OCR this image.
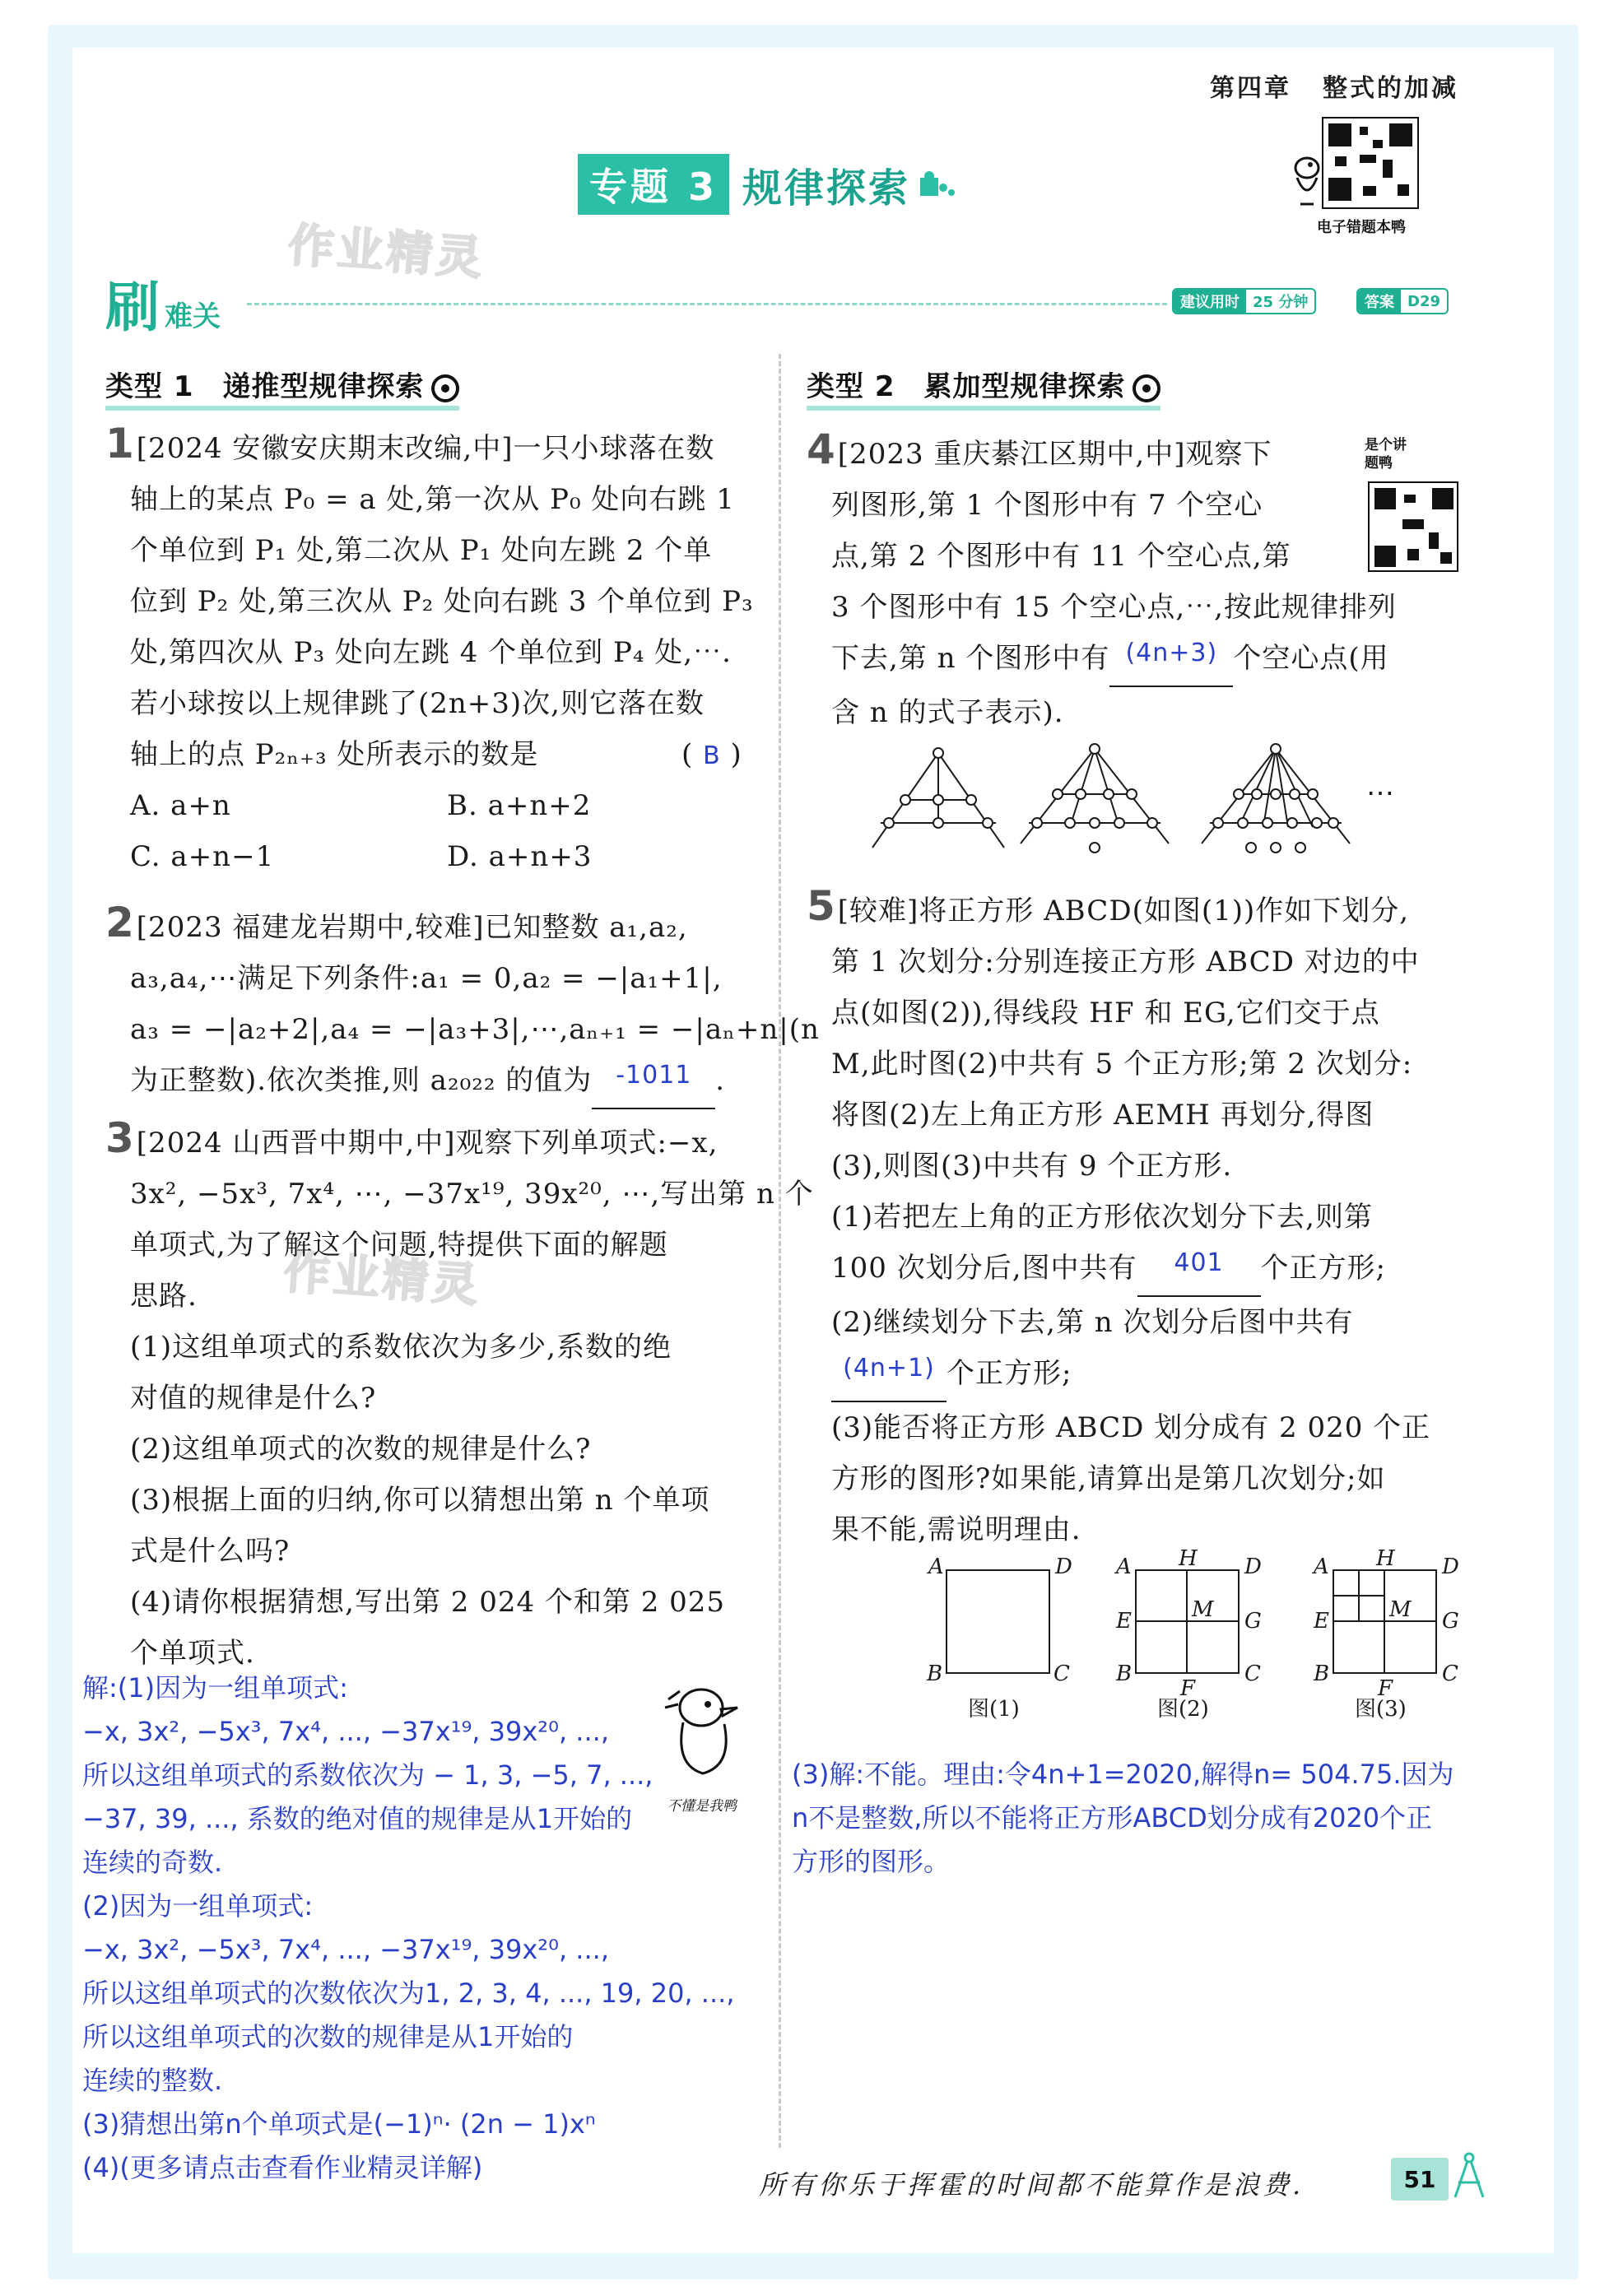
第四章 整式的加减
电子错题本鸭
专题 3 规律探索
作业精灵
作业精灵
刷 难关	建议用时 25 分钟	答案 D29
类型 1　递推型规律探索
1[2024 安徽安庆期末改编,中]一只小球落在数
轴上的某点 P₀ = a 处,第一次从 P₀ 处向右跳 1
个单位到 P₁ 处,第二次从 P₁ 处向左跳 2 个单
位到 P₂ 处,第三次从 P₂ 处向右跳 3 个单位到 P₃
处,第四次从 P₃ 处向左跳 4 个单位到 P₄ 处,⋯.
若小球按以上规律跳了(2n+3)次,则它落在数
轴上的点 P₂ₙ₊₃ 处所表示的数是	( B )
A. a+n	B. a+n+2
C. a+n−1	D. a+n+3
2[2023 福建龙岩期中,较难]已知整数 a₁,a₂,
a₃,a₄,⋯满足下列条件:a₁ = 0,a₂ = −|a₁+1|,
a₃ = −|a₂+2|,a₄ = −|a₃+3|,⋯,aₙ₊₁ = −|aₙ+n|(n
为正整数).依次类推,则 a₂₀₂₂ 的值为 -1011 .
3[2024 山西晋中期中,中]观察下列单项式:−x,
3x², −5x³, 7x⁴, ⋯, −37x¹⁹, 39x²⁰, ⋯,写出第 n 个
单项式,为了解这个问题,特提供下面的解题
思路.
(1)这组单项式的系数依次为多少,系数的绝
对值的规律是什么?
(2)这组单项式的次数的规律是什么?
(3)根据上面的归纳,你可以猜想出第 n 个单项
式是什么吗?
(4)请你根据猜想,写出第 2 024 个和第 2 025
个单项式.
解:(1)因为一组单项式:
−x, 3x², −5x³, 7x⁴, ..., −37x¹⁹, 39x²⁰, ...,
所以这组单项式的系数依次为 − 1, 3, −5, 7, ...,
−37, 39, ..., 系数的绝对值的规律是从1开始的
连续的奇数.
(2)因为一组单项式:
−x, 3x², −5x³, 7x⁴, ..., −37x¹⁹, 39x²⁰, ...,
所以这组单项式的次数依次为1, 2, 3, 4, ..., 19, 20, ...,
所以这组单项式的次数的规律是从1开始的
连续的整数.
(3)猜想出第n个单项式是(−1)ⁿ· (2n − 1)xⁿ
(4)(更多请点击查看作业精灵详解)
不懂是我鸭
类型 2　累加型规律探索
4[2023 重庆綦江区期中,中]观察下
列图形,第 1 个图形中有 7 个空心
点,第 2 个图形中有 11 个空心点,第
3 个图形中有 15 个空心点,⋯,按此规律排列
下去,第 n 个图形中有 (4n+3) 个空心点(用
含 n 的式子表示).
是个讲题鸭
⋯
5[较难]将正方形 ABCD(如图(1))作如下划分,
第 1 次划分:分别连接正方形 ABCD 对边的中
点(如图(2)),得线段 HF 和 EG,它们交于点
M,此时图(2)中共有 5 个正方形;第 2 次划分:
将图(2)左上角正方形 AEMH 再划分,得图
(3),则图(3)中共有 9 个正方形.
(1)若把左上角的正方形依次划分下去,则第
100 次划分后,图中共有 401 个正方形;
(2)继续划分下去,第 n 次划分后图中共有
(4n+1) 个正方形;
(3)能否将正方形 ABCD 划分成有 2 020 个正
方形的图形?如果能,请算出是第几次划分;如
果不能,需说明理由.
A	D
B	C
图(1)
A H D
E	M G
B
F
C
图(2)
A H D
E	M G
B
F
C
图(3)
(3)解:不能。理由:令4n+1=2020,解得n= 504.75.因为
n不是整数,所以不能将正方形ABCD划分成有2020个正
方形的图形。
所有你乐于挥霍的时间都不能算作是浪费.	51
